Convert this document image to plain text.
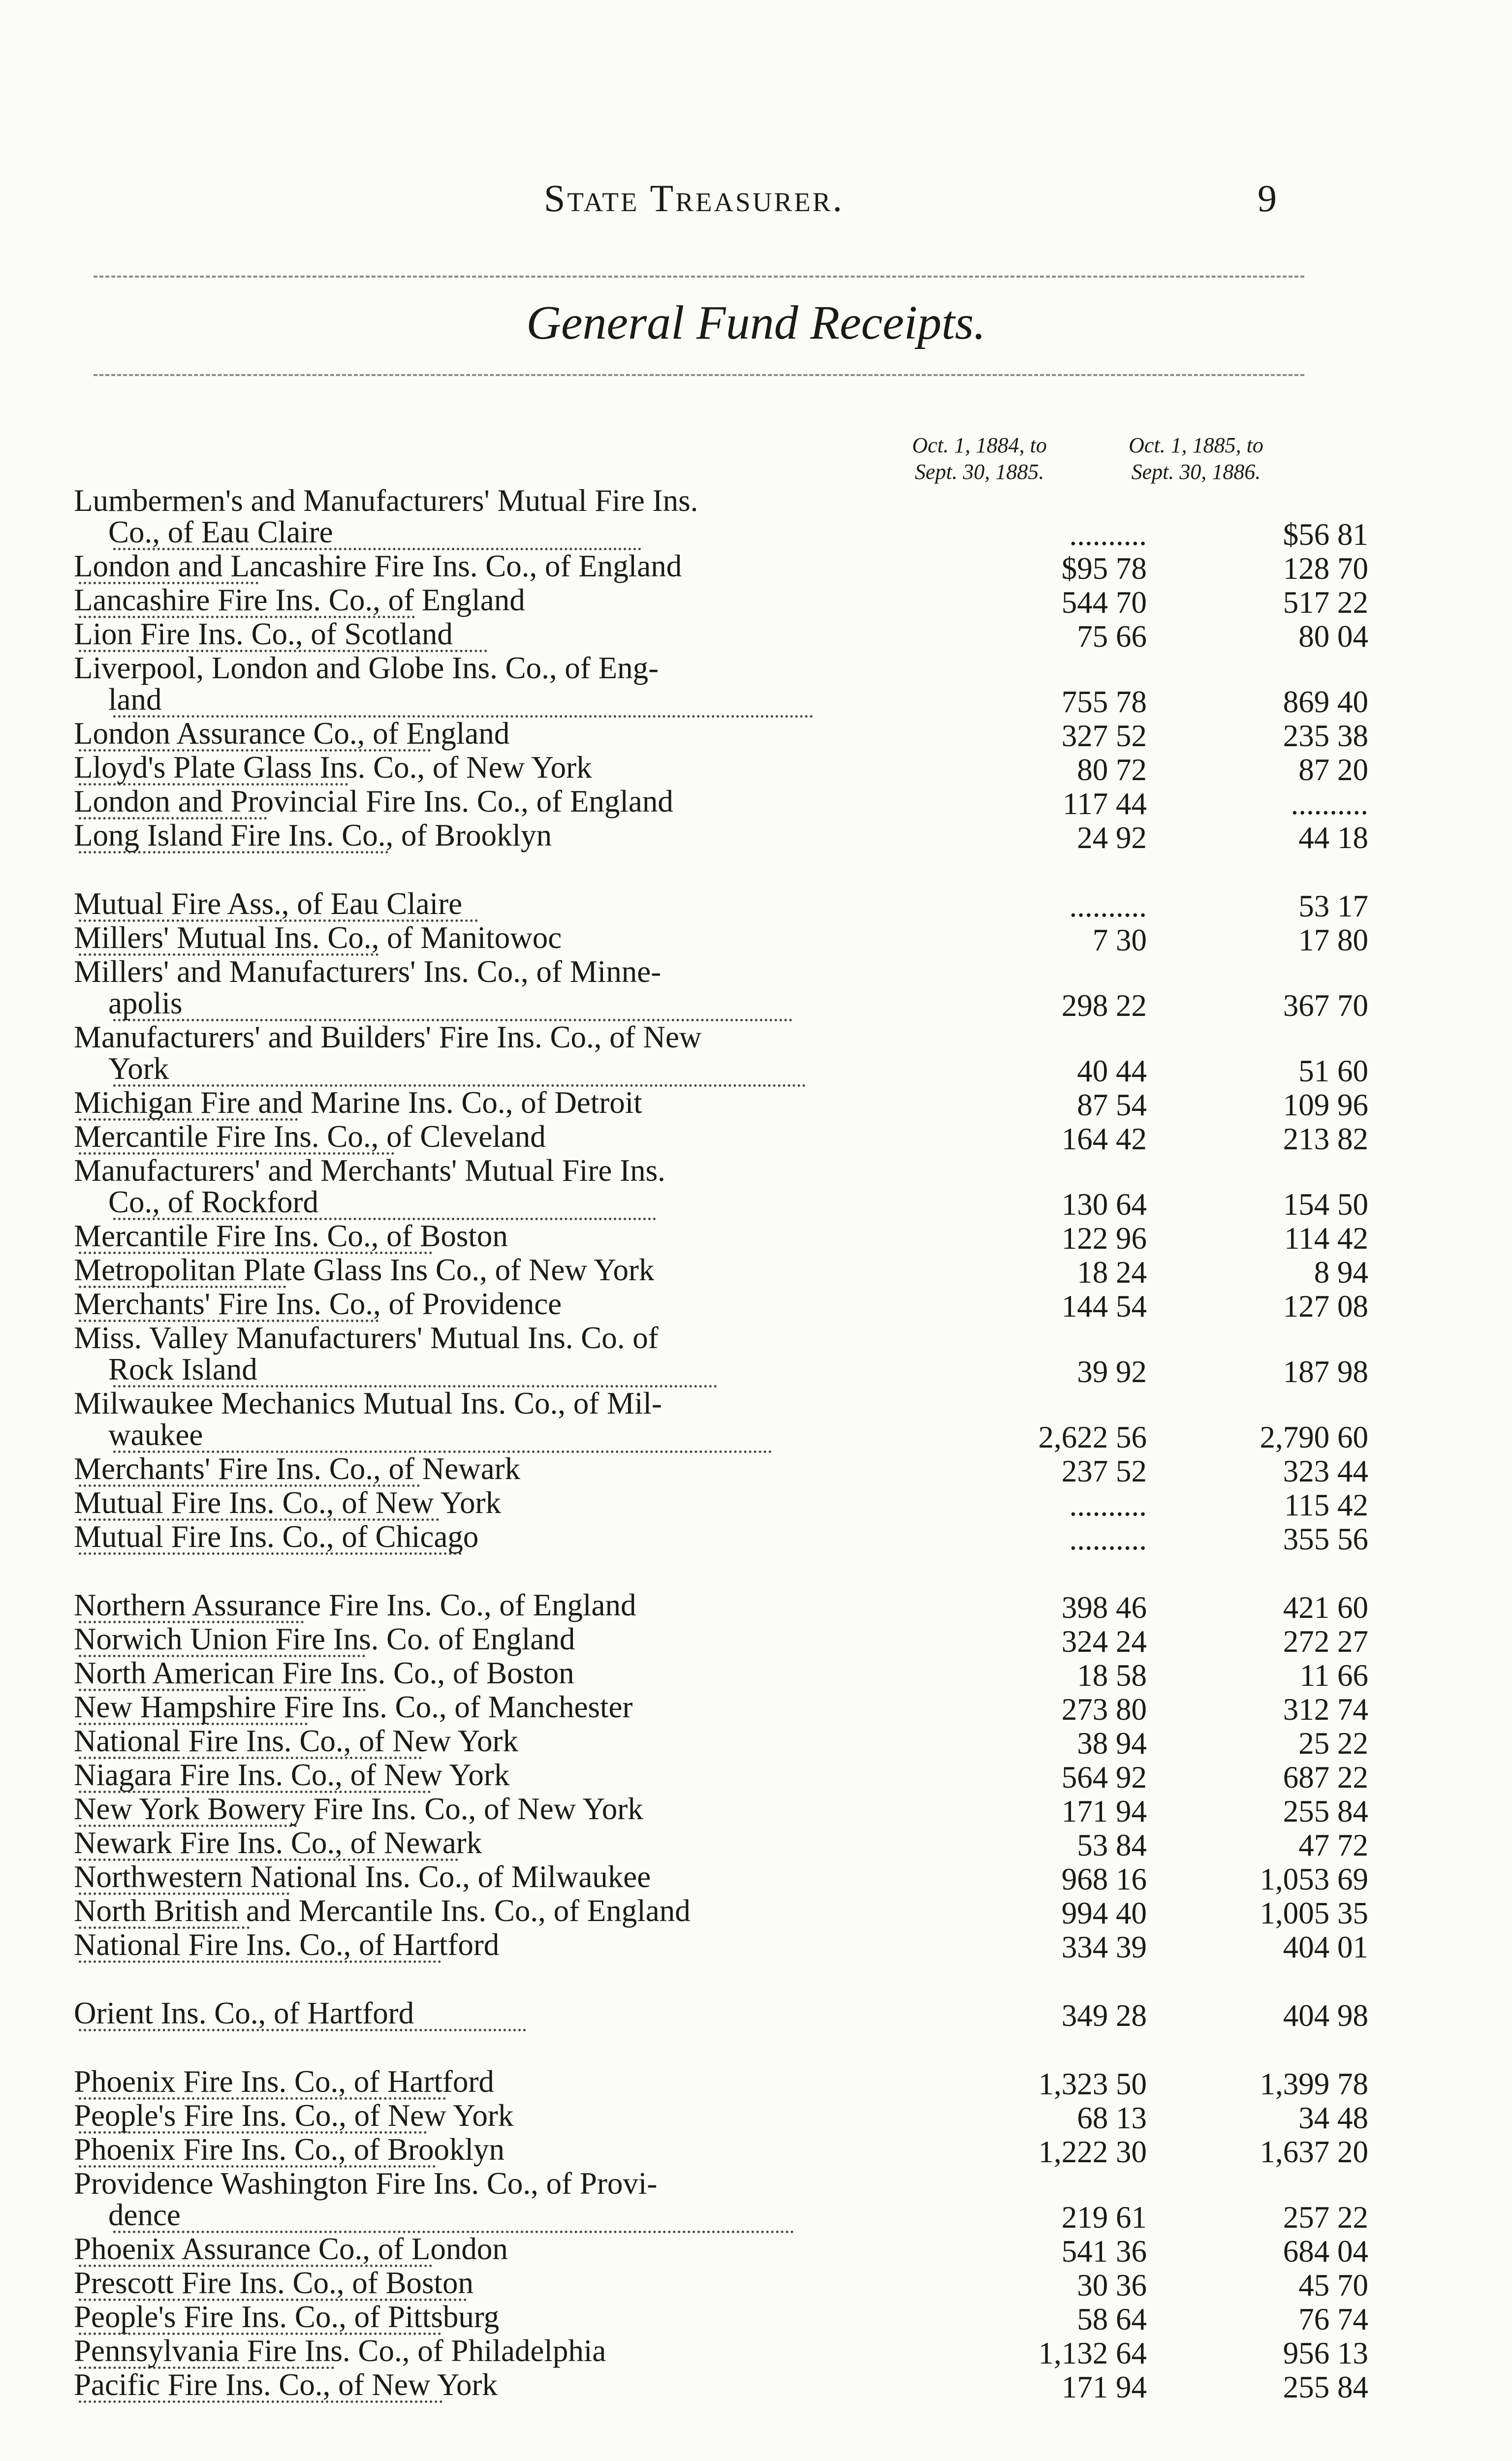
State Treasurer.	9
General Fund Receipts.
Oct. 1, 1884, to
Sept. 30, 1885.
Oct. 1, 1885, to
Sept. 30, 1886.
Lumbermen's and Manufacturers' Mutual Fire Ins.
Co., of Eau Claire	..........	$56 81
London and Lancashire Fire Ins. Co., of England	$95 78	128 70
Lancashire Fire Ins. Co., of England	544 70	517 22
Lion Fire Ins. Co., of Scotland	75 66	80 04
Liverpool, London and Globe Ins. Co., of Eng-
land	755 78	869 40
London Assurance Co., of England	327 52	235 38
Lloyd's Plate Glass Ins. Co., of New York	80 72	87 20
London and Provincial Fire Ins. Co., of England	117 44	..........
Long Island Fire Ins. Co., of Brooklyn	24 92	44 18
Mutual Fire Ass., of Eau Claire	..........	53 17
Millers' Mutual Ins. Co., of Manitowoc	7 30	17 80
Millers' and Manufacturers' Ins. Co., of Minne-
apolis	298 22	367 70
Manufacturers' and Builders' Fire Ins. Co., of New
York	40 44	51 60
Michigan Fire and Marine Ins. Co., of Detroit	87 54	109 96
Mercantile Fire Ins. Co., of Cleveland	164 42	213 82
Manufacturers' and Merchants' Mutual Fire Ins.
Co., of Rockford	130 64	154 50
Mercantile Fire Ins. Co., of Boston	122 96	114 42
Metropolitan Plate Glass Ins Co., of New York	18 24	8 94
Merchants' Fire Ins. Co., of Providence	144 54	127 08
Miss. Valley Manufacturers' Mutual Ins. Co. of
Rock Island	39 92	187 98
Milwaukee Mechanics Mutual Ins. Co., of Mil-
waukee	2,622 56	2,790 60
Merchants' Fire Ins. Co., of Newark	237 52	323 44
Mutual Fire Ins. Co., of New York	..........	115 42
Mutual Fire Ins. Co., of Chicago	..........	355 56
Northern Assurance Fire Ins. Co., of England	398 46	421 60
Norwich Union Fire Ins. Co. of England	324 24	272 27
North American Fire Ins. Co., of Boston	18 58	11 66
New Hampshire Fire Ins. Co., of Manchester	273 80	312 74
National Fire Ins. Co., of New York	38 94	25 22
Niagara Fire Ins. Co., of New York	564 92	687 22
New York Bowery Fire Ins. Co., of New York	171 94	255 84
Newark Fire Ins. Co., of Newark	53 84	47 72
Northwestern National Ins. Co., of Milwaukee	968 16	1,053 69
North British and Mercantile Ins. Co., of England	994 40	1,005 35
National Fire Ins. Co., of Hartford	334 39	404 01
Orient Ins. Co., of Hartford	349 28	404 98
Phoenix Fire Ins. Co., of Hartford	1,323 50	1,399 78
People's Fire Ins. Co., of New York	68 13	34 48
Phoenix Fire Ins. Co., of Brooklyn	1,222 30	1,637 20
Providence Washington Fire Ins. Co., of Provi-
dence	219 61	257 22
Phoenix Assurance Co., of London	541 36	684 04
Prescott Fire Ins. Co., of Boston	30 36	45 70
People's Fire Ins. Co., of Pittsburg	58 64	76 74
Pennsylvania Fire Ins. Co., of Philadelphia	1,132 64	956 13
Pacific Fire Ins. Co., of New York	171 94	255 84
